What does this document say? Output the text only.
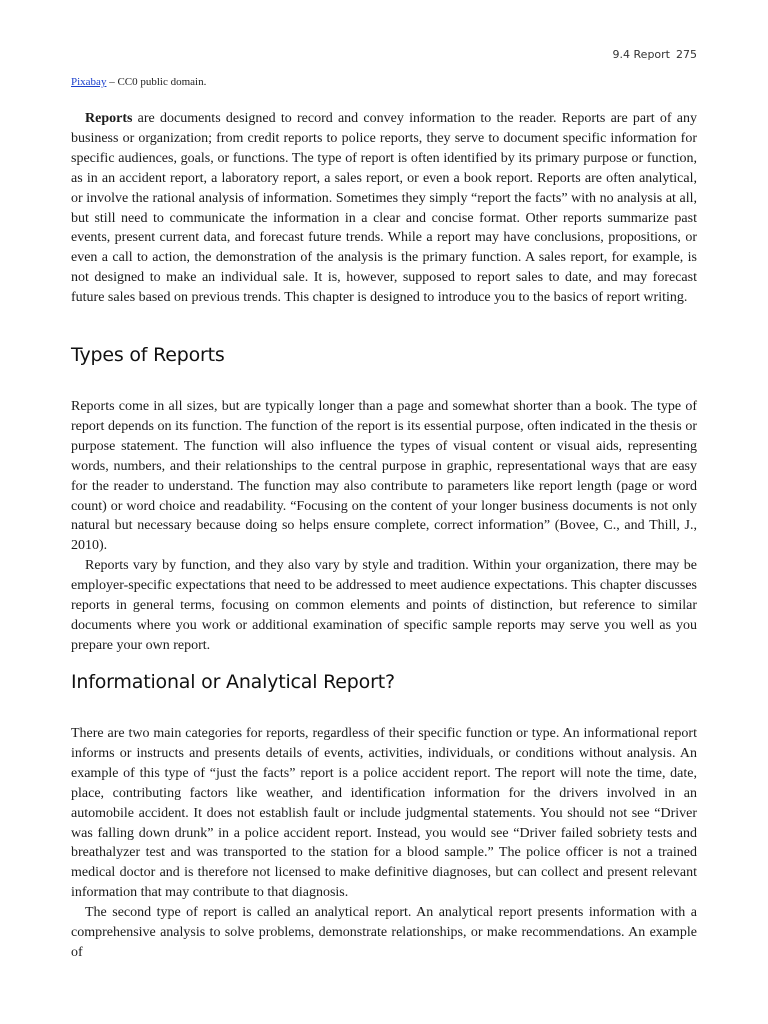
9.4 Report 275
Pixabay – CC0 public domain.

Reports are documents designed to record and convey information to the reader. Reports are part of any business or organization; from credit reports to police reports, they serve to document specific information for specific audiences, goals, or functions. The type of report is often identified by its primary purpose or function, as in an accident report, a laboratory report, a sales report, or even a book report. Reports are often analytical, or involve the rational analysis of information. Sometimes they simply “report the facts” with no analysis at all, but still need to communicate the information in a clear and concise format. Other reports summarize past events, present current data, and forecast future trends. While a report may have conclusions, propositions, or even a call to action, the demonstration of the analysis is the primary function. A sales report, for example, is not designed to make an individual sale. It is, however, supposed to report sales to date, and may forecast future sales based on previous trends. This chapter is designed to introduce you to the basics of report writing.

Types of Reports

Reports come in all sizes, but are typically longer than a page and somewhat shorter than a book. The type of report depends on its function. The function of the report is its essential purpose, often indicated in the thesis or purpose statement. The function will also influence the types of visual content or visual aids, representing words, numbers, and their relationships to the central purpose in graphic, representational ways that are easy for the reader to understand. The function may also contribute to parameters like report length (page or word count) or word choice and readability. “Focusing on the content of your longer business documents is not only natural but necessary because doing so helps ensure complete, correct information” (Bovee, C., and Thill, J., 2010).

Reports vary by function, and they also vary by style and tradition. Within your organization, there may be employer-specific expectations that need to be addressed to meet audience expectations. This chapter discusses reports in general terms, focusing on common elements and points of distinction, but reference to similar documents where you work or additional examination of specific sample reports may serve you well as you prepare your own report.

Informational or Analytical Report?

There are two main categories for reports, regardless of their specific function or type. An informational report informs or instructs and presents details of events, activities, individuals, or conditions without analysis. An example of this type of “just the facts” report is a police accident report. The report will note the time, date, place, contributing factors like weather, and identification information for the drivers involved in an automobile accident. It does not establish fault or include judgmental statements. You should not see “Driver was falling down drunk” in a police accident report. Instead, you would see “Driver failed sobriety tests and breathalyzer test and was transported to the station for a blood sample.” The police officer is not a trained medical doctor and is therefore not licensed to make definitive diagnoses, but can collect and present relevant information that may contribute to that diagnosis.

The second type of report is called an analytical report. An analytical report presents information with a comprehensive analysis to solve problems, demonstrate relationships, or make recommendations. An example of
